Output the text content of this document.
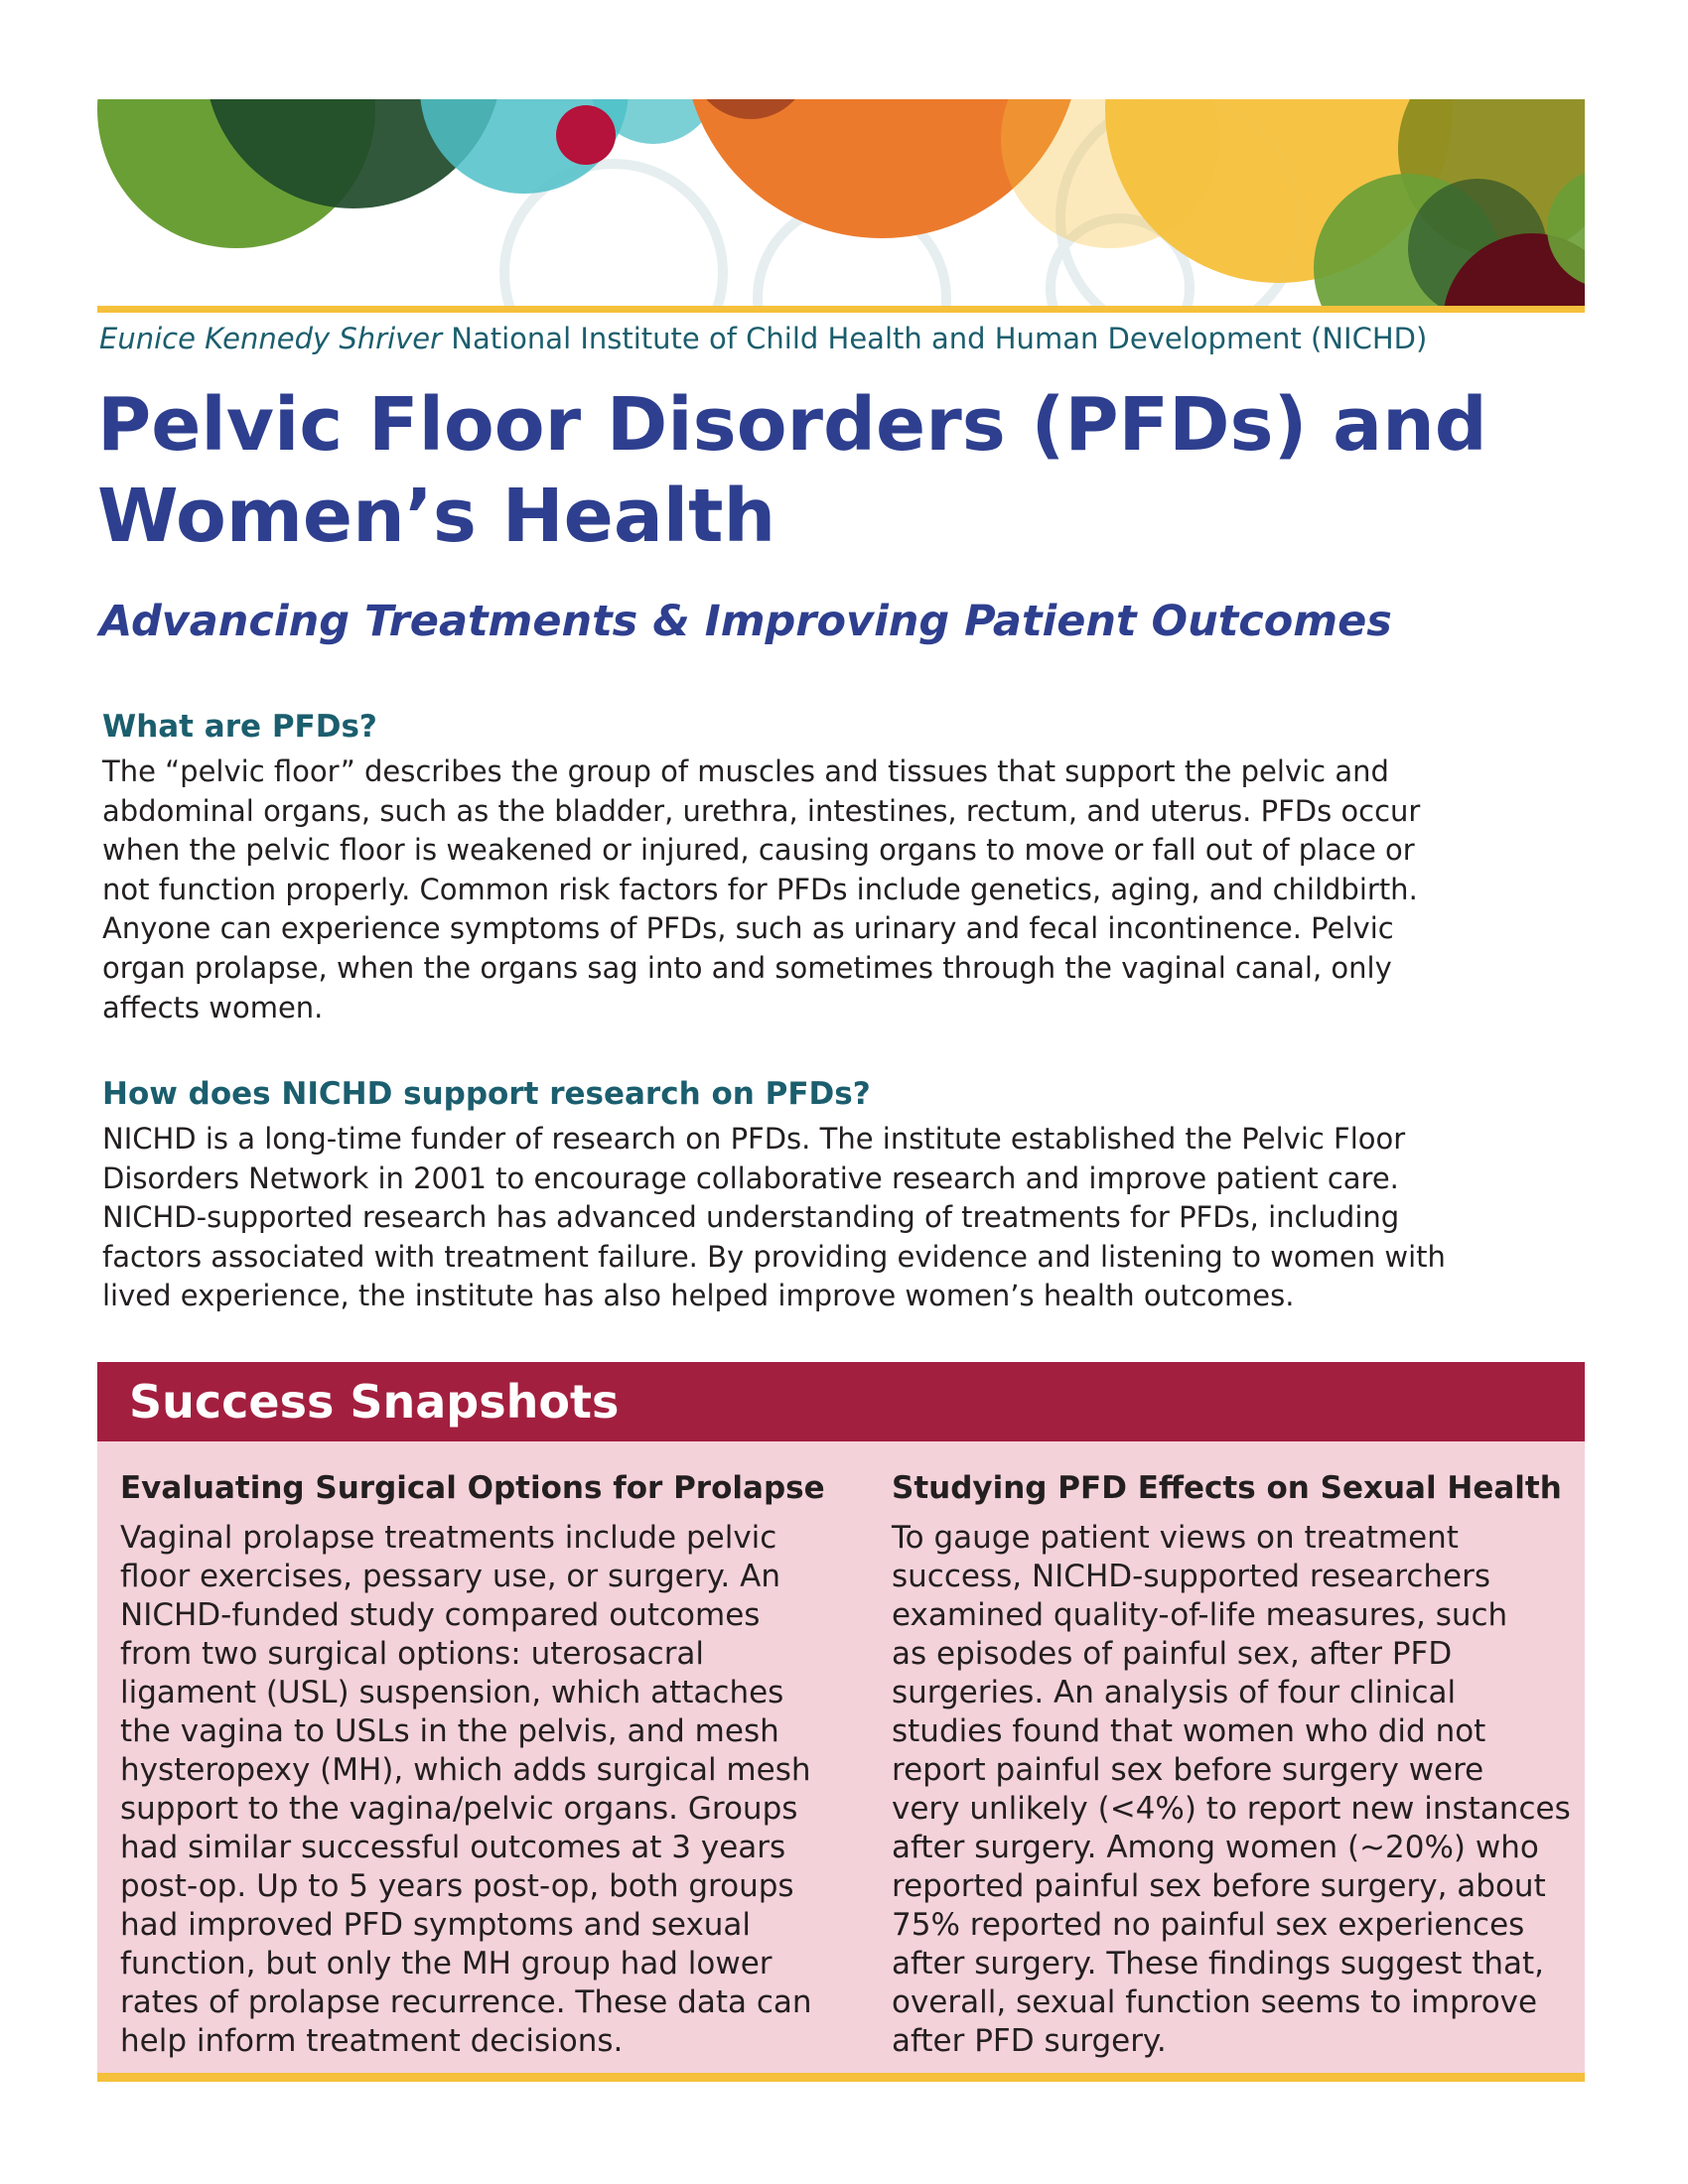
Eunice Kennedy Shriver National Institute of Child Health and Human Development (NICHD)
Pelvic Floor Disorders (PFDs) and
Women’s Health
Advancing Treatments & Improving Patient Outcomes
What are PFDs?

The “pelvic floor” describes the group of muscles and tissues that support the pelvic and
abdominal organs, such as the bladder, urethra, intestines, rectum, and uterus. PFDs occur
when the pelvic floor is weakened or injured, causing organs to move or fall out of place or
not function properly. Common risk factors for PFDs include genetics, aging, and childbirth.
Anyone can experience symptoms of PFDs, such as urinary and fecal incontinence. Pelvic
organ prolapse, when the organs sag into and sometimes through the vaginal canal, only
affects women.

How does NICHD support research on PFDs?

NICHD is a long-time funder of research on PFDs. The institute established the Pelvic Floor
Disorders Network in 2001 to encourage collaborative research and improve patient care.
NICHD-supported research has advanced understanding of treatments for PFDs, including
factors associated with treatment failure. By providing evidence and listening to women with
lived experience, the institute has also helped improve women’s health outcomes.

Success Snapshots
Evaluating Surgical Options for Prolapse

Vaginal prolapse treatments include pelvic
floor exercises, pessary use, or surgery. An
NICHD-funded study compared outcomes
from two surgical options: uterosacral
ligament (USL) suspension, which attaches
the vagina to USLs in the pelvis, and mesh
hysteropexy (MH), which adds surgical mesh
support to the vagina/pelvic organs. Groups
had similar successful outcomes at 3 years
post-op. Up to 5 years post-op, both groups
had improved PFD symptoms and sexual
function, but only the MH group had lower
rates of prolapse recurrence. These data can
help inform treatment decisions.

Studying PFD Effects on Sexual Health

To gauge patient views on treatment
success, NICHD-supported researchers
examined quality-of-life measures, such
as episodes of painful sex, after PFD
surgeries. An analysis of four clinical
studies found that women who did not
report painful sex before surgery were
very unlikely (<4%) to report new instances
after surgery. Among women (~20%) who
reported painful sex before surgery, about
75% reported no painful sex experiences
after surgery. These findings suggest that,
overall, sexual function seems to improve
after PFD surgery.
